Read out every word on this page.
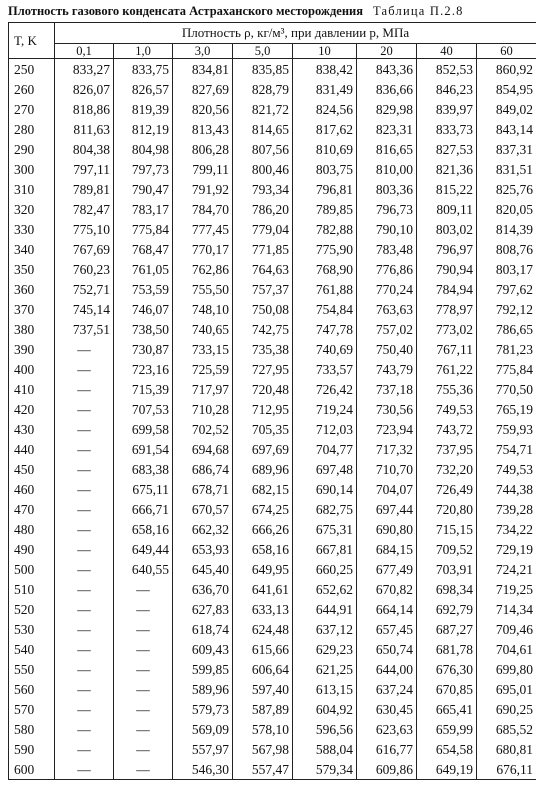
Плотность газового конденсата Астраханского месторождения Таблица П.2.8
T, K	Плотность ρ, кг/м³, при давлении p, МПа							
	0,1	1,0	3,0	5,0	10	20	40	60
250	833,27	833,75	834,81	835,85	838,42	843,36	852,53	860,92
260	826,07	826,57	827,69	828,79	831,49	836,66	846,23	854,95
270	818,86	819,39	820,56	821,72	824,56	829,98	839,97	849,02
280	811,63	812,19	813,43	814,65	817,62	823,31	833,73	843,14
290	804,38	804,98	806,28	807,56	810,69	816,65	827,53	837,31
300	797,11	797,73	799,11	800,46	803,75	810,00	821,36	831,51
310	789,81	790,47	791,92	793,34	796,81	803,36	815,22	825,76
320	782,47	783,17	784,70	786,20	789,85	796,73	809,11	820,05
330	775,10	775,84	777,45	779,04	782,88	790,10	803,02	814,39
340	767,69	768,47	770,17	771,85	775,90	783,48	796,97	808,76
350	760,23	761,05	762,86	764,63	768,90	776,86	790,94	803,17
360	752,71	753,59	755,50	757,37	761,88	770,24	784,94	797,62
370	745,14	746,07	748,10	750,08	754,84	763,63	778,97	792,12
380	737,51	738,50	740,65	742,75	747,78	757,02	773,02	786,65
390	—	730,87	733,15	735,38	740,69	750,40	767,11	781,23
400	—	723,16	725,59	727,95	733,57	743,79	761,22	775,84
410	—	715,39	717,97	720,48	726,42	737,18	755,36	770,50
420	—	707,53	710,28	712,95	719,24	730,56	749,53	765,19
430	—	699,58	702,52	705,35	712,03	723,94	743,72	759,93
440	—	691,54	694,68	697,69	704,77	717,32	737,95	754,71
450	—	683,38	686,74	689,96	697,48	710,70	732,20	749,53
460	—	675,11	678,71	682,15	690,14	704,07	726,49	744,38
470	—	666,71	670,57	674,25	682,75	697,44	720,80	739,28
480	—	658,16	662,32	666,26	675,31	690,80	715,15	734,22
490	—	649,44	653,93	658,16	667,81	684,15	709,52	729,19
500	—	640,55	645,40	649,95	660,25	677,49	703,91	724,21
510	—	—	636,70	641,61	652,62	670,82	698,34	719,25
520	—	—	627,83	633,13	644,91	664,14	692,79	714,34
530	—	—	618,74	624,48	637,12	657,45	687,27	709,46
540	—	—	609,43	615,66	629,23	650,74	681,78	704,61
550	—	—	599,85	606,64	621,25	644,00	676,30	699,80
560	—	—	589,96	597,40	613,15	637,24	670,85	695,01
570	—	—	579,73	587,89	604,92	630,45	665,41	690,25
580	—	—	569,09	578,10	596,56	623,63	659,99	685,52
590	—	—	557,97	567,98	588,04	616,77	654,58	680,81
600	—	—	546,30	557,47	579,34	609,86	649,19	676,11
